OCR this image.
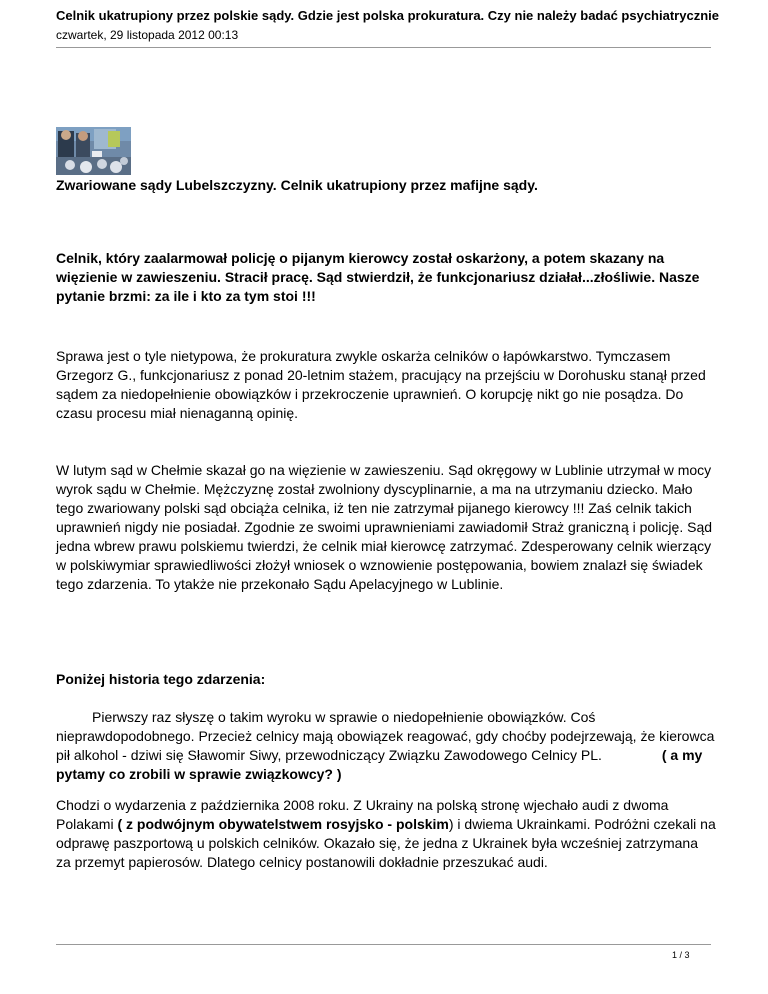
Celnik ukatrupiony przez polskie sądy. Gdzie jest polska prokuratura. Czy nie należy badać psychiatrycznie
czwartek, 29 listopada 2012 00:13
Zwariowane sądy Lubelszczyzny. Celnik ukatrupiony przez mafijne sądy.
Celnik, który zaalarmował policję o pijanym kierowcy został oskarżony, a potem skazany na więzienie w zawieszeniu. Stracił pracę. Sąd stwierdził, że funkcjonariusz działał...złośliwie. Nasze pytanie brzmi: za ile i kto za tym stoi !!!
Sprawa jest o tyle nietypowa, że prokuratura zwykle oskarża celników o łapówkarstwo. Tymczasem Grzegorz G., funkcjonariusz z ponad 20-letnim stażem, pracujący na przejściu w Dorohusku stanął przed sądem za niedopełnienie obowiązków i przekroczenie uprawnień. O korupcję nikt go nie posądza. Do czasu procesu miał nienaganną opinię.
W lutym sąd w Chełmie skazał go na więzienie w zawieszeniu. Sąd okręgowy w Lublinie utrzymał w mocy wyrok sądu w Chełmie. Mężczyznę został zwolniony dyscyplinarnie, a ma na utrzymaniu dziecko. Mało tego zwariowany polski sąd obciąża celnika, iż ten nie zatrzymał pijanego kierowcy !!! Zaś celnik takich uprawnień nigdy nie posiadał. Zgodnie ze swoimi uprawnieniami zawiadomił Straż graniczną i policję. Sąd jedna wbrew prawu polskiemu twierdzi, że celnik miał kierowcę zatrzymać. Zdesperowany celnik wierzący w polskiwymiar sprawiedliwości złożył wniosek o wznowienie postępowania, bowiem znalazł się świadek tego zdarzenia. To ytakże nie przekonało Sądu Apelacyjnego w Lublinie.
Poniżej historia tego zdarzenia:
Pierwszy raz słyszę o takim wyroku w sprawie o niedopełnienie obowiązków. Coś nieprawdopodobnego. Przecież celnicy mają obowiązek reagować, gdy choćby podejrzewają, że kierowca pił alkohol - dziwi się Sławomir Siwy, przewodniczący Związku Zawodowego Celnicy PL.	( a my pytamy co zrobili w sprawie związkowcy? )
Chodzi o wydarzenia z października 2008 roku. Z Ukrainy na polską stronę wjechało audi z dwoma Polakami ( z podwójnym obywatelstwem rosyjsko - polskim) i dwiema Ukrainkami. Podróżni czekali na odprawę paszportową u polskich celników. Okazało się, że jedna z Ukrainek była wcześniej zatrzymana za przemyt papierosów. Dlatego celnicy postanowili dokładnie przeszukać audi.
1 / 3
